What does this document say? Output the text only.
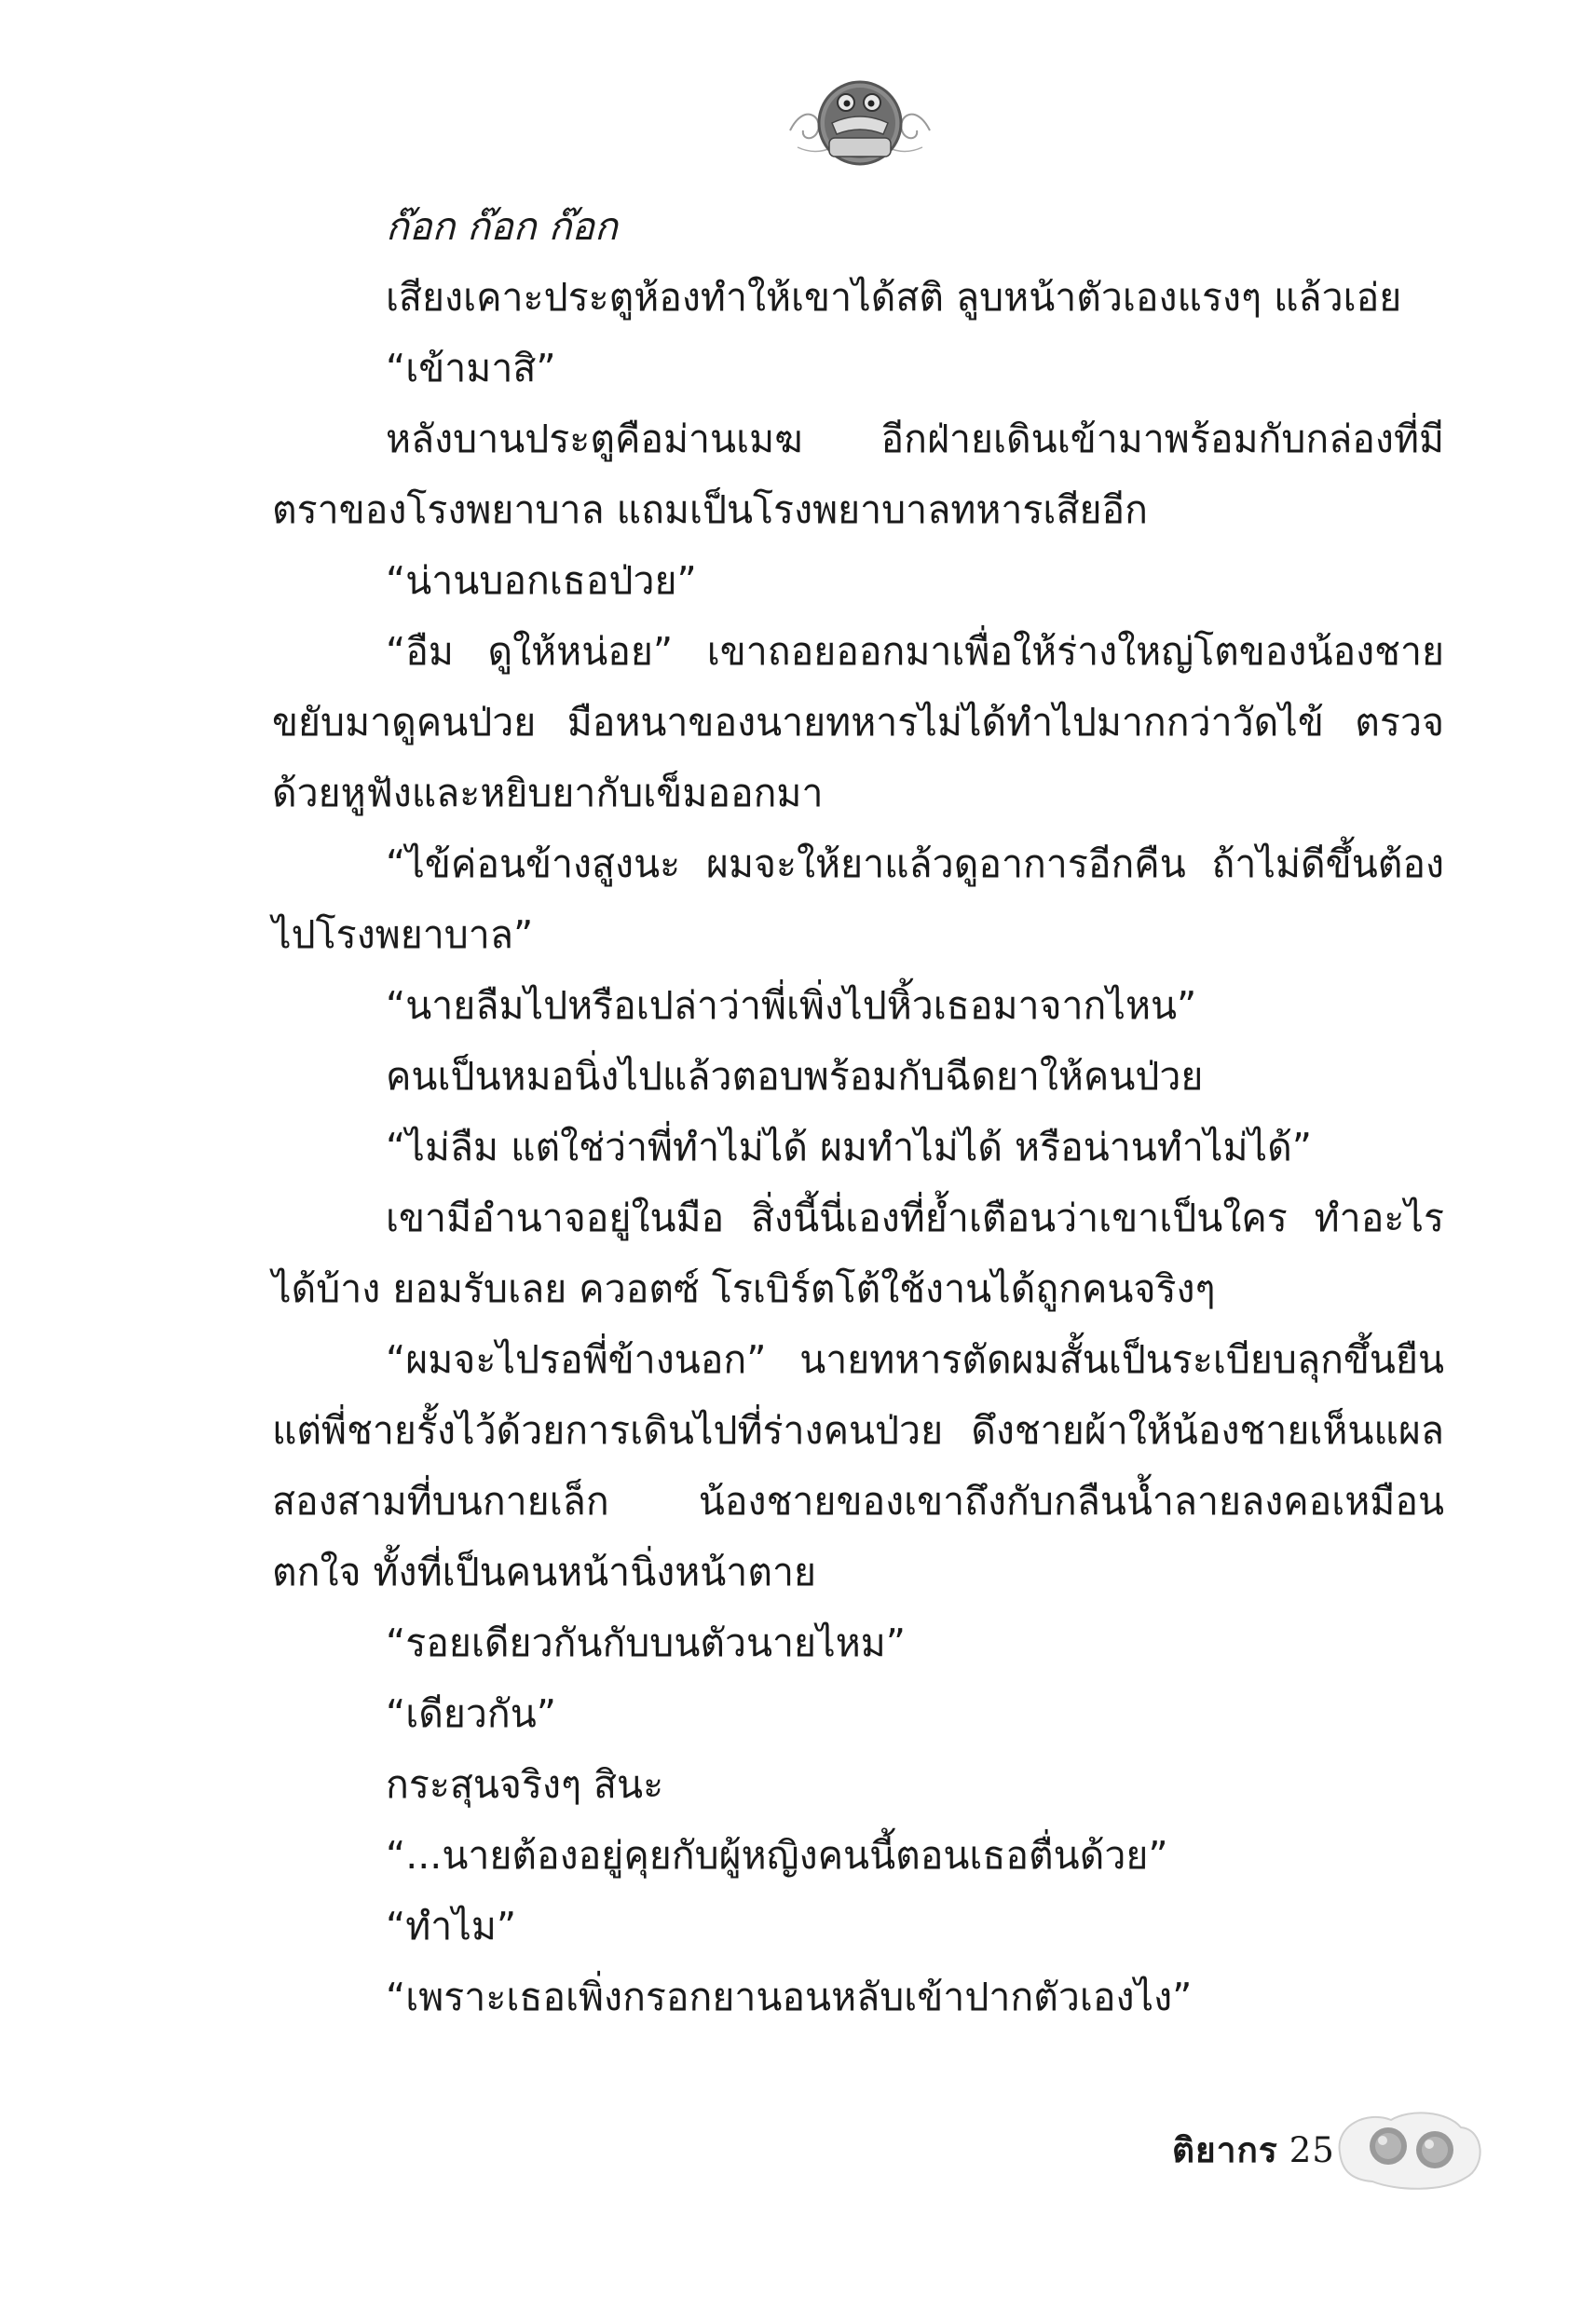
ก๊อก ก๊อก ก๊อก

เสียงเคาะประตูห้องทำให้เขาได้สติ ลูบหน้าตัวเองแรงๆ แล้วเอ่ย

“เข้ามาสิ”

หลังบานประตูคือม่านเมฆ อีกฝ่ายเดินเข้ามาพร้อมกับกล่องที่มีตราของโรงพยาบาล แถมเป็นโรงพยาบาลทหารเสียอีก

“น่านบอกเธอป่วย”

“อืม ดูให้หน่อย” เขาถอยออกมาเพื่อให้ร่างใหญ่โตของน้องชายขยับมาดูคนป่วย มือหนาของนายทหารไม่ได้ทำไปมากกว่าวัดไข้ ตรวจด้วยหูฟังและหยิบยากับเข็มออกมา

“ไข้ค่อนข้างสูงนะ ผมจะให้ยาแล้วดูอาการอีกคืน ถ้าไม่ดีขึ้นต้องไปโรงพยาบาล”

“นายลืมไปหรือเปล่าว่าพี่เพิ่งไปหิ้วเธอมาจากไหน”

คนเป็นหมอนิ่งไปแล้วตอบพร้อมกับฉีดยาให้คนป่วย

“ไม่ลืม แต่ใช่ว่าพี่ทำไม่ได้ ผมทำไม่ได้ หรือน่านทำไม่ได้”

เขามีอำนาจอยู่ในมือ สิ่งนี้นี่เองที่ย้ำเตือนว่าเขาเป็นใคร ทำอะไรได้บ้าง ยอมรับเลย ควอตซ์ โรเบิร์ตโต้ใช้งานได้ถูกคนจริงๆ

“ผมจะไปรอพี่ข้างนอก” นายทหารตัดผมสั้นเป็นระเบียบลุกขึ้นยืน แต่พี่ชายรั้งไว้ด้วยการเดินไปที่ร่างคนป่วย ดึงชายผ้าให้น้องชายเห็นแผลสองสามที่บนกายเล็ก น้องชายของเขาถึงกับกลืนน้ำลายลงคอเหมือนตกใจ ทั้งที่เป็นคนหน้านิ่งหน้าตาย

“รอยเดียวกันกับบนตัวนายไหม”

“เดียวกัน”

กระสุนจริงๆ สินะ

“...นายต้องอยู่คุยกับผู้หญิงคนนี้ตอนเธอตื่นด้วย”

“ทำไม”

“เพราะเธอเพิ่งกรอกยานอนหลับเข้าปากตัวเองไง”

ติยากร 25
